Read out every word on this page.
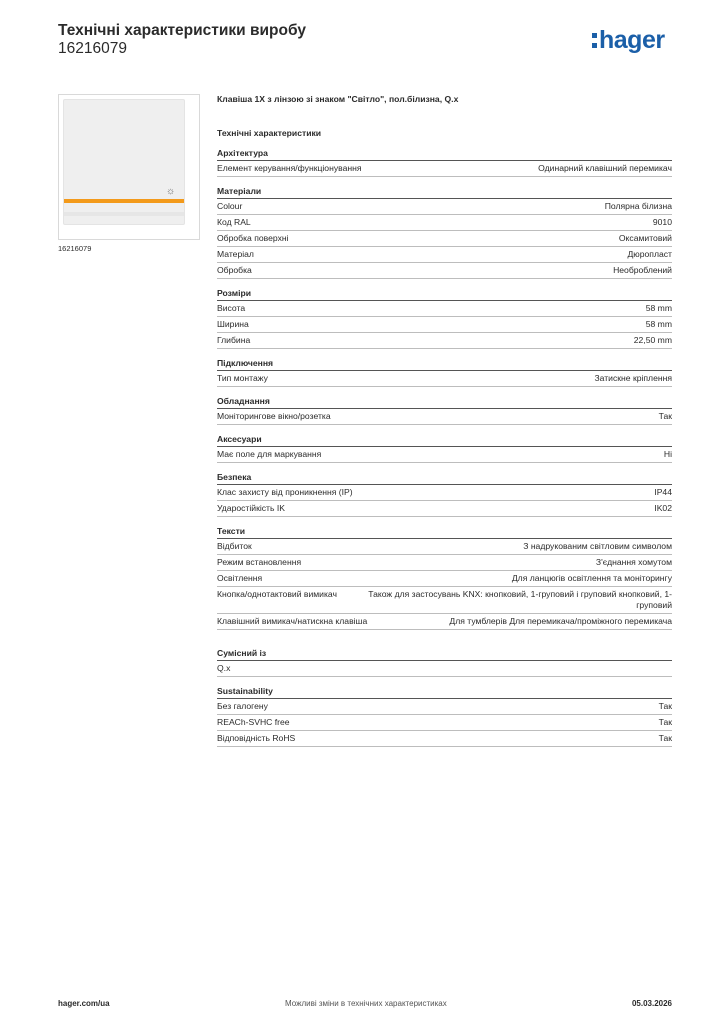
Технічні характеристики виробу
16216079	hager
☼
16216079
Клавіша 1Х з лінзою зі знаком "Світло", пол.білизна, Q.x
Технічні характеристики
Архітектура
Елемент керування/функціонування	Одинарний клавішний перемикач
Матеріали
Colour	Полярна білизна
Код RAL	9010
Обробка поверхні	Оксамитовий
Матеріал	Дюропласт
Обробка	Необроблений
Розміри
Висота	58 mm
Ширина	58 mm
Глибина	22,50 mm
Підключення
Тип монтажу	Затискне кріплення
Обладнання
Моніторингове вікно/розетка	Так
Аксесуари
Має поле для маркування	Ні
Безпека
Клас захисту від проникнення (IP)	IP44
Ударостійкість IK	IK02
Тексти
Відбиток	З надрукованим світловим символом
Режим встановлення	З'єднання хомутом
Освітлення	Для ланцюгів освітлення та моніторингу
Кнопка/однотактовий вимикач	Також для застосувань KNX: кнопковий, 1-груповий і груповий кнопковий, 1-груповий
Клавішний вимикач/натискна клавіша	Для тумблерів Для перемикача/проміжного перемикача
Сумісний із
Q.x
Sustainability
Без галогену	Так
REACh-SVHC free	Так
Відповідність RoHS	Так
hager.com/ua	Можливі зміни в технічних характеристиках	05.03.2026
